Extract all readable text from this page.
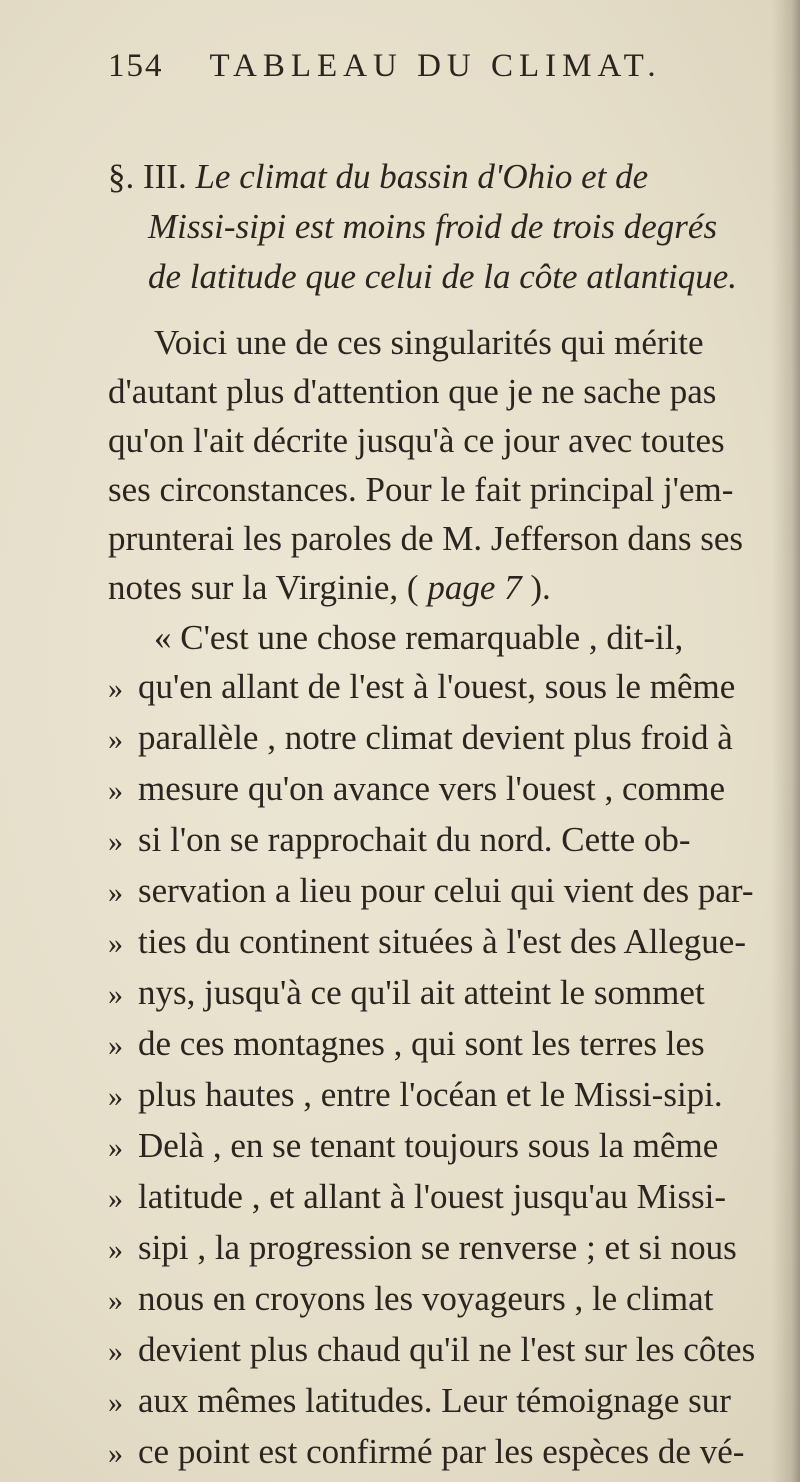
154 TABLEAU DU CLIMAT.
§. III. Le climat du bassin d'Ohio et de
Missi-sipi est moins froid de trois degrés
de latitude que celui de la côte atlantique.
Voici une de ces singularités qui mérite
d'autant plus d'attention que je ne sache pas
qu'on l'ait décrite jusqu'à ce jour avec toutes
ses circonstances. Pour le fait principal j'em-
prunterai les paroles de M. Jefferson dans ses
notes sur la Virginie, ( page 7 ).
« C'est une chose remarquable , dit-il,
» qu'en allant de l'est à l'ouest, sous le même
» parallèle , notre climat devient plus froid à
» mesure qu'on avance vers l'ouest , comme
» si l'on se rapprochait du nord. Cette ob-
» servation a lieu pour celui qui vient des par-
» ties du continent situées à l'est des Allegue-
» nys, jusqu'à ce qu'il ait atteint le sommet
» de ces montagnes , qui sont les terres les
» plus hautes , entre l'océan et le Missi-sipi.
» Delà , en se tenant toujours sous la même
» latitude , et allant à l'ouest jusqu'au Missi-
» sipi , la progression se renverse ; et si nous
» nous en croyons les voyageurs , le climat
» devient plus chaud qu'il ne l'est sur les côtes
» aux mêmes latitudes. Leur témoignage sur
» ce point est confirmé par les espèces de vé-
